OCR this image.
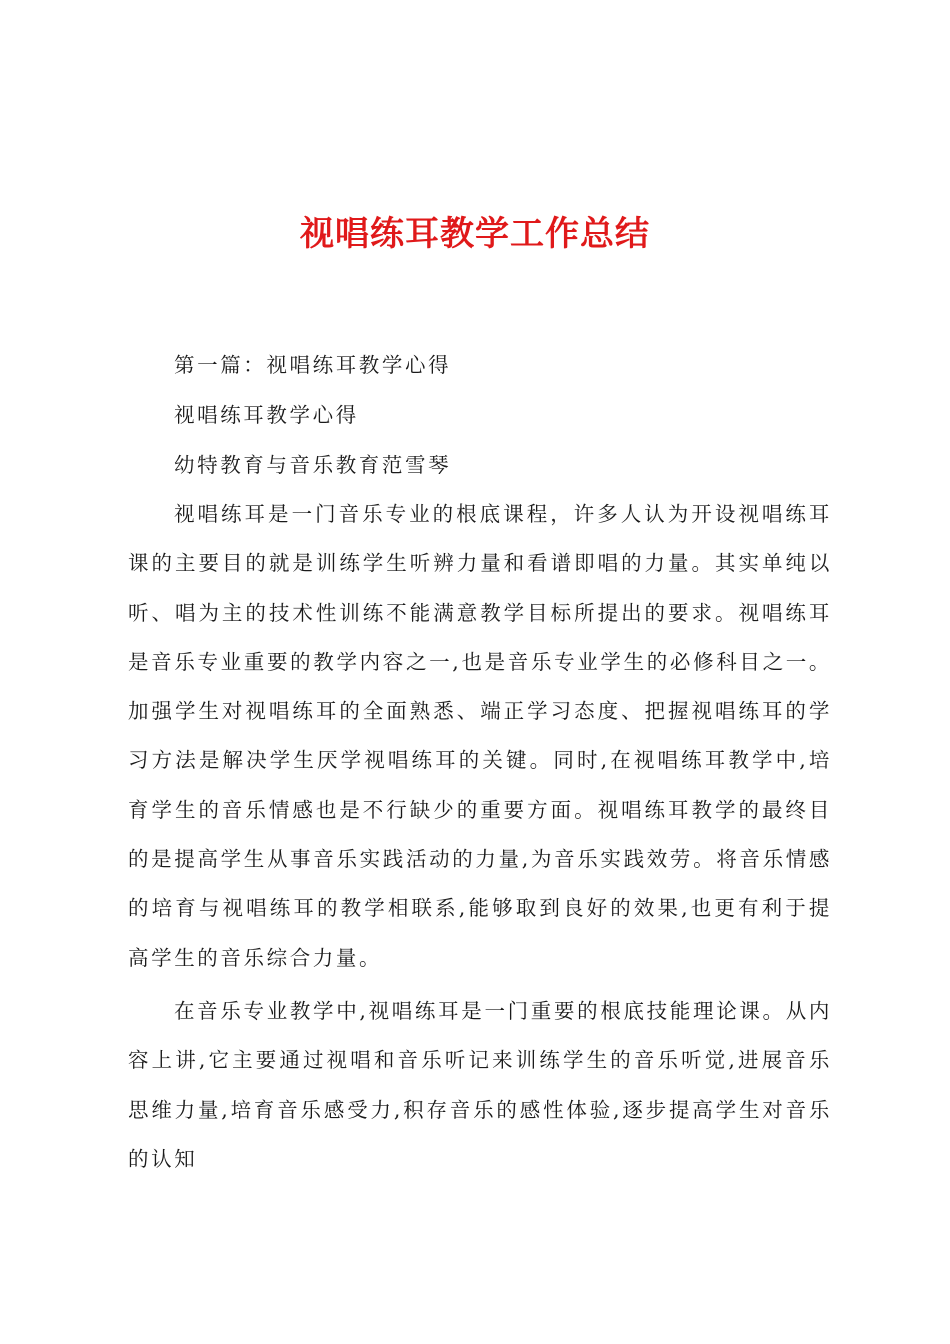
视唱练耳教学工作总结

第一篇：视唱练耳教学心得

视唱练耳教学心得

幼特教育与音乐教育范雪琴

视唱练耳是一门音乐专业的根底课程，许多人认为开设视唱练耳课的主要目的就是训练学生听辨力量和看谱即唱的力量。其实单纯以听、唱为主的技术性训练不能满意教学目标所提出的要求。视唱练耳是音乐专业重要的教学内容之一,也是音乐专业学生的必修科目之一。加强学生对视唱练耳的全面熟悉、端正学习态度、把握视唱练耳的学习方法是解决学生厌学视唱练耳的关键。同时,在视唱练耳教学中,培育学生的音乐情感也是不行缺少的重要方面。视唱练耳教学的最终目的是提高学生从事音乐实践活动的力量,为音乐实践效劳。将音乐情感的培育与视唱练耳的教学相联系,能够取到良好的效果,也更有利于提高学生的音乐综合力量。

在音乐专业教学中,视唱练耳是一门重要的根底技能理论课。从内容上讲,它主要通过视唱和音乐听记来训练学生的音乐听觉,进展音乐思维力量,培育音乐感受力,积存音乐的感性体验,逐步提高学生对音乐的认知
